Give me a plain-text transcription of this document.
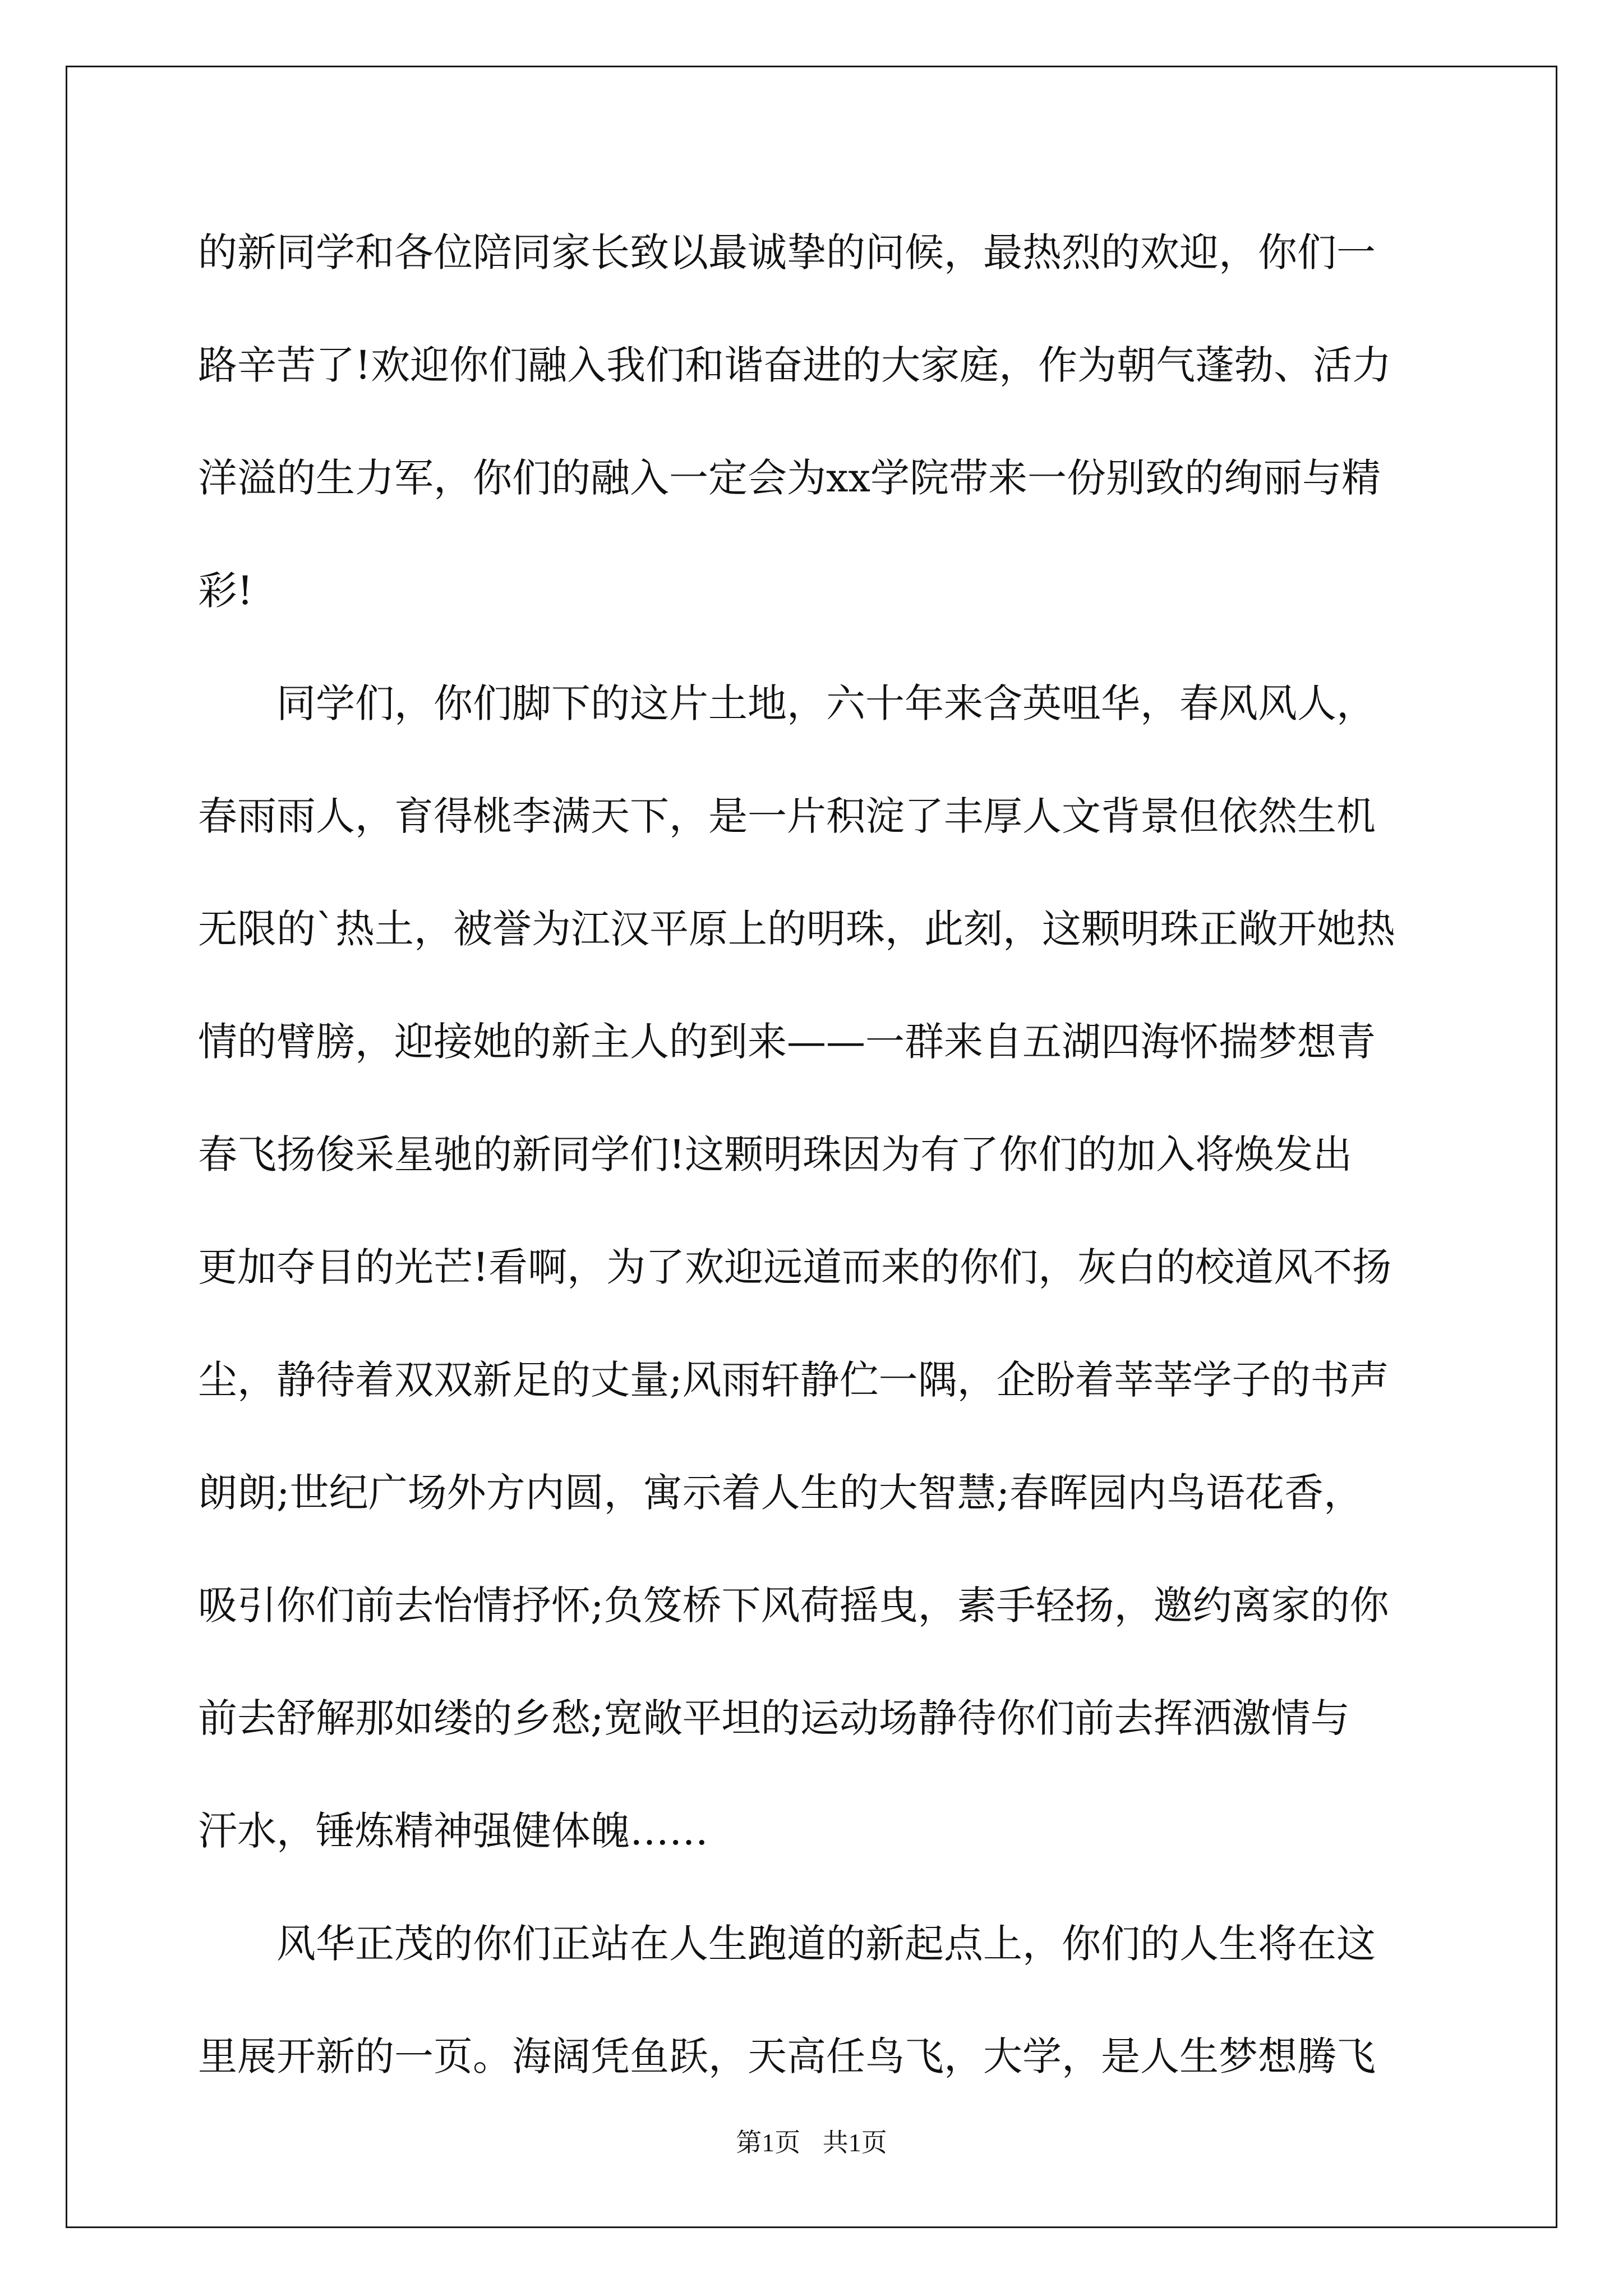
的新同学和各位陪同家长致以最诚挚的问候，最热烈的欢迎，你们一
路辛苦了!欢迎你们融入我们和谐奋进的大家庭，作为朝气蓬勃、活力
洋溢的生力军，你们的融入一定会为xx学院带来一份别致的绚丽与精
彩!
　　同学们，你们脚下的这片土地，六十年来含英咀华，春风风人，
春雨雨人，育得桃李满天下，是一片积淀了丰厚人文背景但依然生机
无限的`热土，被誉为江汉平原上的明珠，此刻，这颗明珠正敞开她热
情的臂膀，迎接她的新主人的到来——一群来自五湖四海怀揣梦想青
春飞扬俊采星驰的新同学们!这颗明珠因为有了你们的加入将焕发出
更加夺目的光芒!看啊，为了欢迎远道而来的你们，灰白的校道风不扬
尘，静待着双双新足的丈量;风雨轩静伫一隅，企盼着莘莘学子的书声
朗朗;世纪广场外方内圆，寓示着人生的大智慧;春晖园内鸟语花香，
吸引你们前去怡情抒怀;负笈桥下风荷摇曳，素手轻扬，邀约离家的你
前去舒解那如缕的乡愁;宽敞平坦的运动场静待你们前去挥洒激情与
汗水，锤炼精神强健体魄……
　　风华正茂的你们正站在人生跑道的新起点上，你们的人生将在这
里展开新的一页。海阔凭鱼跃，天高任鸟飞，大学，是人生梦想腾飞
第1页 共1页
